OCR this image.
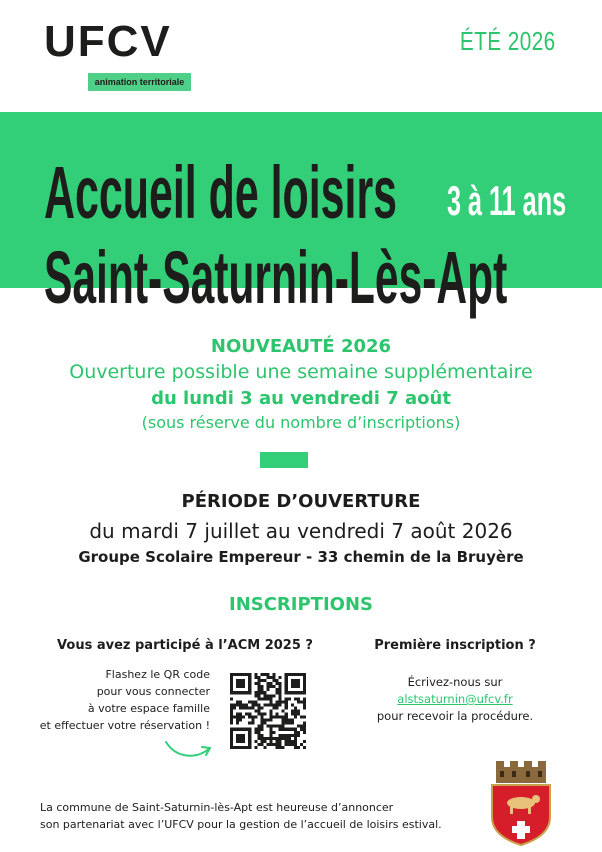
UFCV
animation territoriale
ÉTÉ 2026
Accueil de loisirs 3 à 11 ans
Saint-Saturnin-Lès-Apt
NOUVEAUTÉ 2026
Ouverture possible une semaine supplémentaire
du lundi 3 au vendredi 7 août
(sous réserve du nombre d’inscriptions)
PÉRIODE D’OUVERTURE
du mardi 7 juillet au vendredi 7 août 2026
Groupe Scolaire Empereur - 33 chemin de la Bruyère
INSCRIPTIONS
Vous avez participé à l’ACM 2025 ?	Première inscription ?
Flashez le QR code
pour vous connecter
à votre espace famille
et effectuer votre réservation !
Écrivez-nous sur
alstsaturnin@ufcv.fr
pour recevoir la procédure.
La commune de Saint-Saturnin-lès-Apt est heureuse d’annoncer
son partenariat avec l’UFCV pour la gestion de l’accueil de loisirs estival.
